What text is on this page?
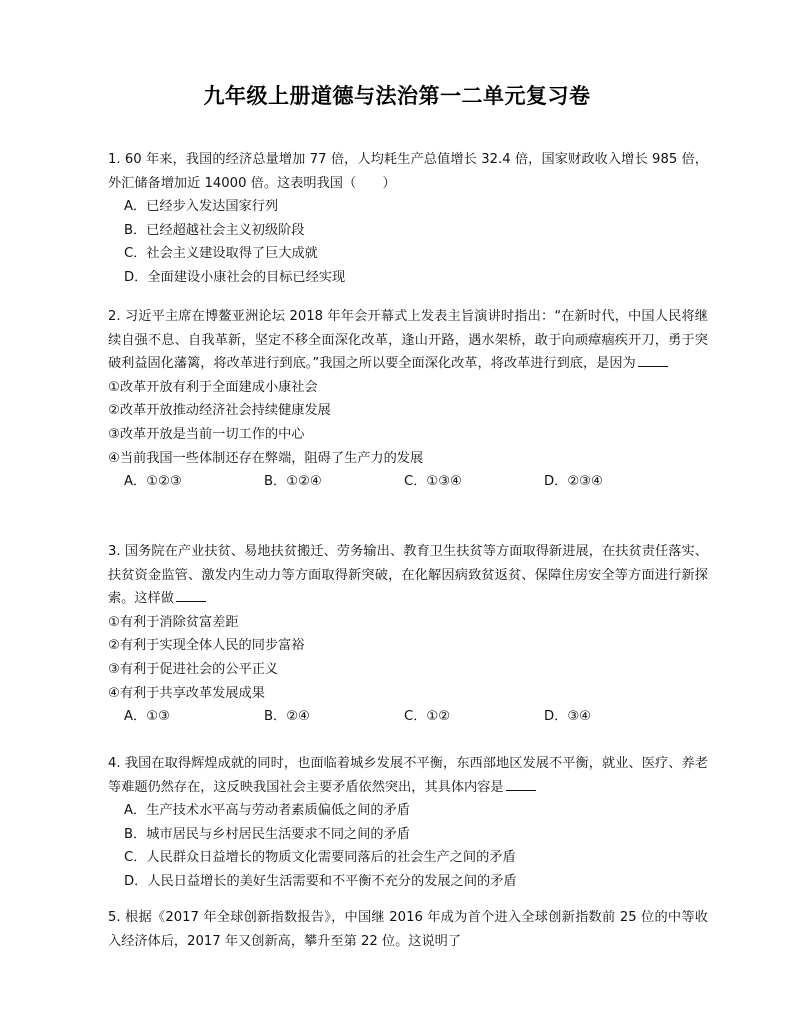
九年级上册道德与法治第一二单元复习卷
1. 60 年来，我国的经济总量增加 77 倍，人均耗生产总值增长 32.4 倍，国家财政收入增长 985 倍，外汇储备增加近 14000 倍。这表明我国（　　）
A．已经步入发达国家行列
B．已经超越社会主义初级阶段
C．社会主义建设取得了巨大成就
D．全面建设小康社会的目标已经实现
2. 习近平主席在博鳌亚洲论坛 2018 年年会开幕式上发表主旨演讲时指出：“在新时代，中国人民将继续自强不息、自我革新，坚定不移全面深化改革，逢山开路，遇水架桥，敢于向顽瘴痼疾开刀，勇于突破利益固化藩篱，将改革进行到底。”我国之所以要全面深化改革，将改革进行到底，是因为
①改革开放有利于全面建成小康社会
②改革开放推动经济社会持续健康发展
③改革开放是当前一切工作的中心
④当前我国一些体制还存在弊端，阻碍了生产力的发展
A．①②③	B．①②④	C．①③④	D．②③④
3. 国务院在产业扶贫、易地扶贫搬迁、劳务输出、教育卫生扶贫等方面取得新进展，在扶贫责任落实、扶贫资金监管、激发内生动力等方面取得新突破，在化解因病致贫返贫、保障住房安全等方面进行新探索。这样做
①有利于消除贫富差距
②有利于实现全体人民的同步富裕
③有利于促进社会的公平正义
④有利于共享改革发展成果
A．①③	B．②④	C．①②	D．③④
4. 我国在取得辉煌成就的同时，也面临着城乡发展不平衡，东西部地区发展不平衡，就业、医疗、养老等难题仍然存在，这反映我国社会主要矛盾依然突出，其具体内容是
A．生产技术水平高与劳动者素质偏低之间的矛盾
B．城市居民与乡村居民生活要求不同之间的矛盾
C．人民群众日益增长的物质文化需要同落后的社会生产之间的矛盾
D．人民日益增长的美好生活需要和不平衡不充分的发展之间的矛盾
5. 根据《2017 年全球创新指数报告》，中国继 2016 年成为首个进入全球创新指数前 25 位的中等收入经济体后，2017 年又创新高，攀升至第 22 位。这说明了
